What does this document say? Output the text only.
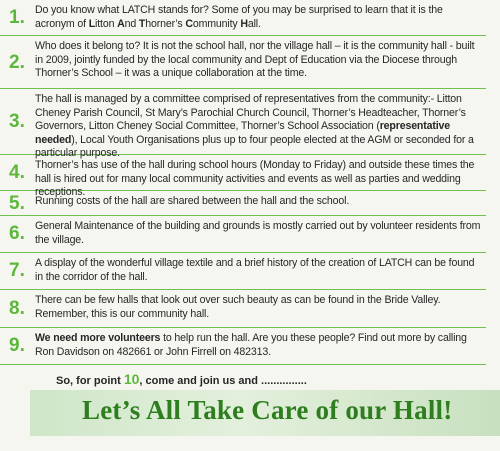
1. Do you know what LATCH stands for? Some of you may be surprised to learn that it is the acronym of Litton And Thorner’s Community Hall.
2.
Who does it belong to? It is not the school hall, nor the village hall – it is the community hall - built in 2009, jointly funded by the local community and Dept of Education via the Diocese through Thorner’s School – it was a unique collaboration at the time.
3.
The hall is managed by a committee comprised of representatives from the community:- Litton Cheney Parish Council, St Mary’s Parochial Church Council, Thorner’s Headteacher, Thorner’s Governors, Litton Cheney Social Committee, Thorner’s School Association (representative needed), Local Youth Organisations plus up to four people elected at the AGM or seconded for a particular purpose.
4. Thorner’s has use of the hall during school hours (Monday to Friday) and outside these times the hall is hired out for many local community activities and events as well as parties and wedding receptions.
5. Running costs of the hall are shared between the hall and the school.
6. General Maintenance of the building and grounds is mostly carried out by volunteer residents from the village.
7. A display of the wonderful village textile and a brief history of the creation of LATCH can be found in the corridor of the hall.
8. There can be few halls that look out over such beauty as can be found in the Bride Valley. Remember, this is our community hall.
9. We need more volunteers to help run the hall. Are you these people? Find out more by calling Ron Davidson on 482661 or John Firrell on 482313.
So, for point 10, come and join us and ...............
Let’s All Take Care of our Hall!
